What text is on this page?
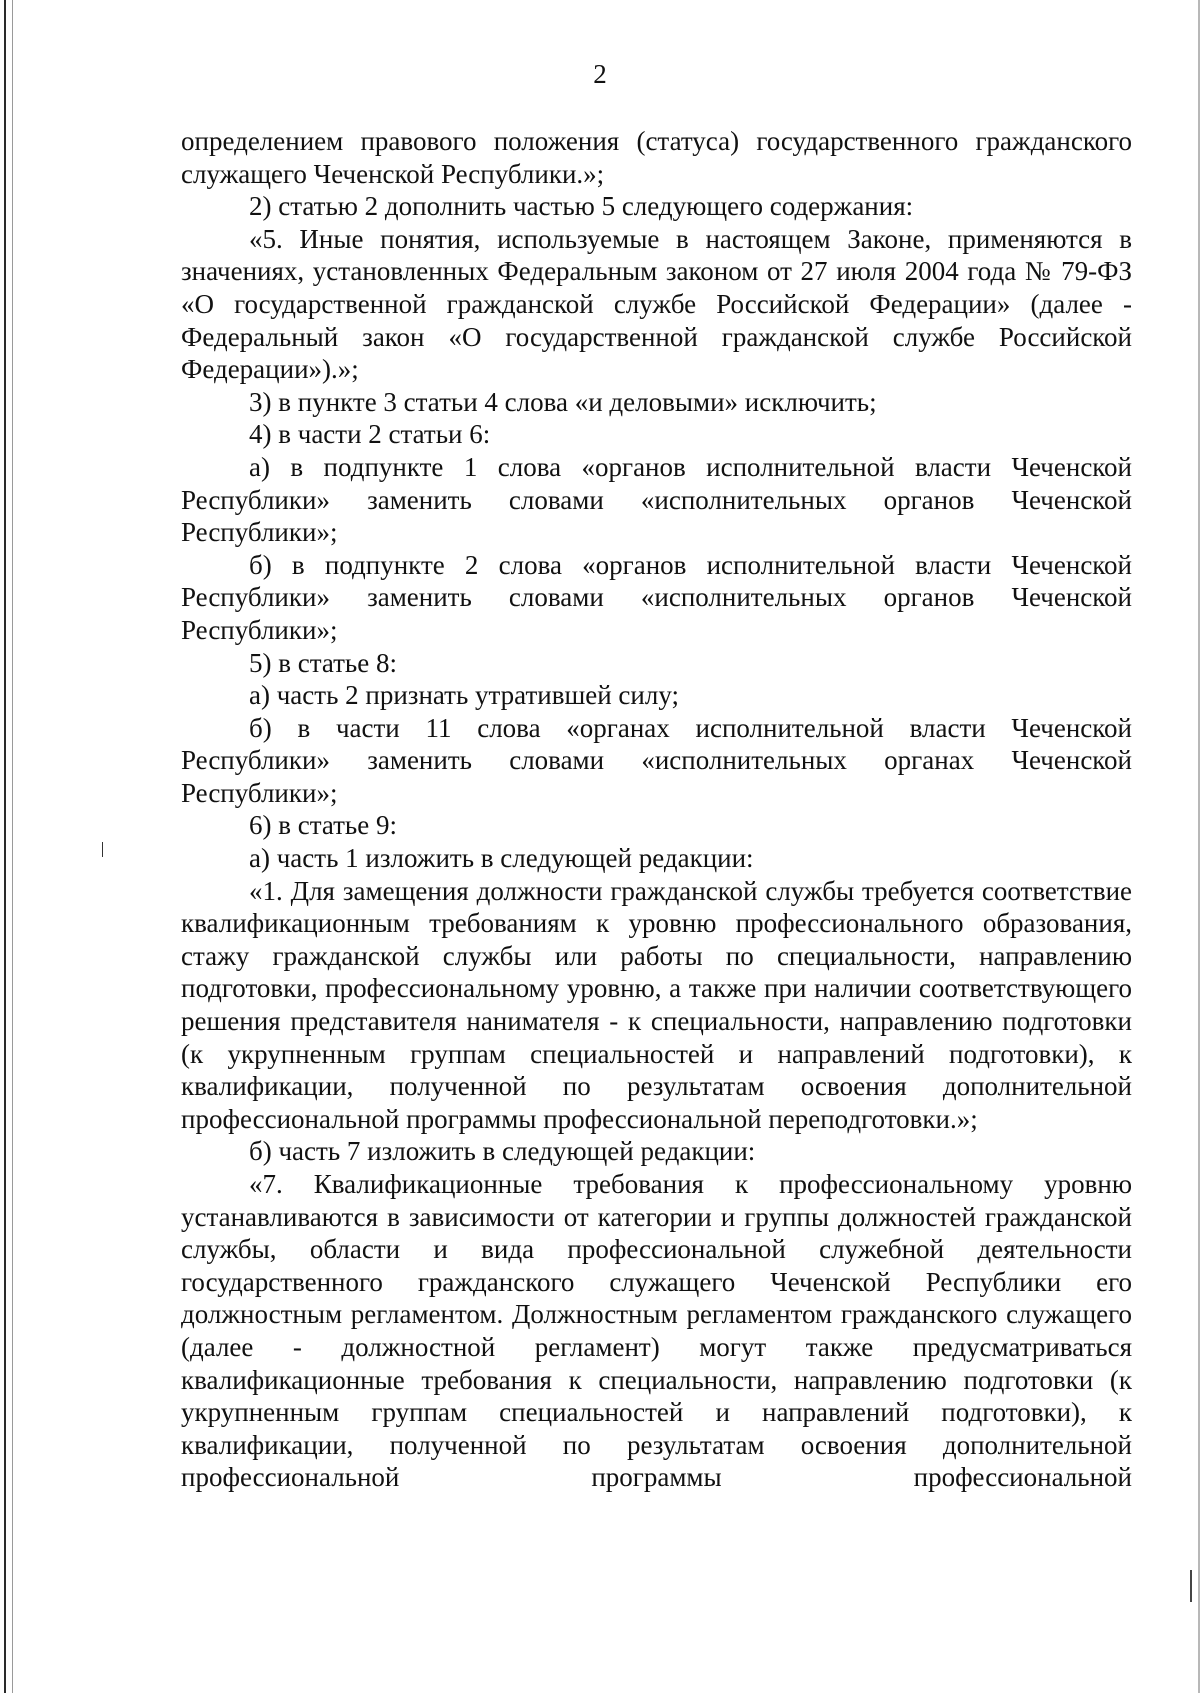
2

определением правового положения (статуса) государственного гражданского служащего Чеченской Республики.»;

2) статью 2 дополнить частью 5 следующего содержания:

«5. Иные понятия, используемые в настоящем Законе, применяются в значениях, установленных Федеральным законом от 27 июля 2004 года № 79-ФЗ «О государственной гражданской службе Российской Федерации» (далее - Федеральный закон «О государственной гражданской службе Российской Федерации»).»;

3) в пункте 3 статьи 4 слова «и деловыми» исключить;

4) в части 2 статьи 6:

а) в подпункте 1 слова «органов исполнительной власти Чеченской Республики» заменить словами «исполнительных органов Чеченской Республики»;

б) в подпункте 2 слова «органов исполнительной власти Чеченской Республики» заменить словами «исполнительных органов Чеченской Республики»;

5) в статье 8:

а) часть 2 признать утратившей силу;

б) в части 11 слова «органах исполнительной власти Чеченской Республики» заменить словами «исполнительных органах Чеченской Республики»;

6) в статье 9:

а) часть 1 изложить в следующей редакции:

«1. Для замещения должности гражданской службы требуется соответствие квалификационным требованиям к уровню профессионального образования, стажу гражданской службы или работы по специальности, направлению подготовки, профессиональному уровню, а также при наличии соответствующего решения представителя нанимателя - к специальности, направлению подготовки (к укрупненным группам специальностей и направлений подготовки), к квалификации, полученной по результатам освоения дополнительной профессиональной программы профессиональной переподготовки.»;

б) часть 7 изложить в следующей редакции:

«7. Квалификационные требования к профессиональному уровню устанавливаются в зависимости от категории и группы должностей гражданской службы, области и вида профессиональной служебной деятельности государственного гражданского служащего Чеченской Республики его должностным регламентом. Должностным регламентом гражданского служащего (далее - должностной регламент) могут также предусматриваться квалификационные требования к специальности, направлению подготовки (к укрупненным группам специальностей и направлений подготовки), к квалификации, полученной по результатам освоения дополнительной профессиональной программы профессиональной
